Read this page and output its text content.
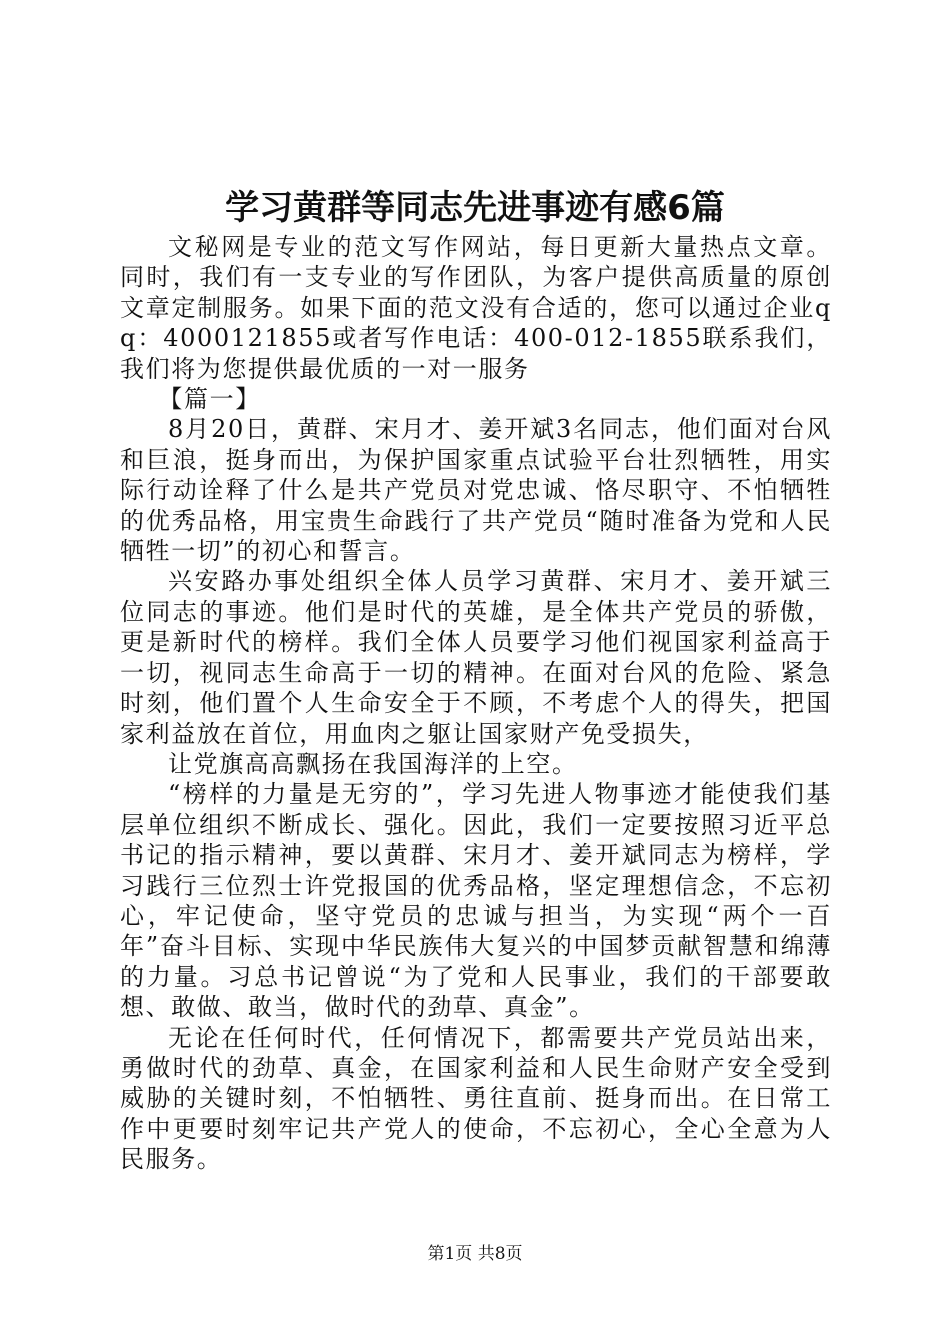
学习黄群等同志先进事迹有感6篇

文秘网是专业的范文写作网站，每日更新大量热点文章。同时，我们有一支专业的写作团队，为客户提供高质量的原创文章定制服务。如果下面的范文没有合适的，您可以通过企业qq：4000121855或者写作电话：400-012-1855联系我们，我们将为您提供最优质的一对一服务

【篇一】

8月20日，黄群、宋月才、姜开斌3名同志，他们面对台风和巨浪，挺身而出，为保护国家重点试验平台壮烈牺牲，用实际行动诠释了什么是共产党员对党忠诚、恪尽职守、不怕牺牲的优秀品格，用宝贵生命践行了共产党员“随时准备为党和人民牺牲一切”的初心和誓言。

兴安路办事处组织全体人员学习黄群、宋月才、姜开斌三位同志的事迹。他们是时代的英雄，是全体共产党员的骄傲，更是新时代的榜样。我们全体人员要学习他们视国家利益高于一切，视同志生命高于一切的精神。在面对台风的危险、紧急时刻，他们置个人生命安全于不顾，不考虑个人的得失，把国家利益放在首位，用血肉之躯让国家财产免受损失，

让党旗高高飘扬在我国海洋的上空。

“榜样的力量是无穷的”，学习先进人物事迹才能使我们基层单位组织不断成长、强化。因此，我们一定要按照习近平总书记的指示精神，要以黄群、宋月才、姜开斌同志为榜样，学习践行三位烈士许党报国的优秀品格，坚定理想信念，不忘初心，牢记使命，坚守党员的忠诚与担当，为实现“两个一百年”奋斗目标、实现中华民族伟大复兴的中国梦贡献智慧和绵薄的力量。习总书记曾说“为了党和人民事业，我们的干部要敢想、敢做、敢当，做时代的劲草、真金”。

无论在任何时代，任何情况下，都需要共产党员站出来，勇做时代的劲草、真金，在国家利益和人民生命财产安全受到威胁的关键时刻，不怕牺牲、勇往直前、挺身而出。在日常工作中更要时刻牢记共产党人的使命，不忘初心，全心全意为人民服务。

第1页 共8页
